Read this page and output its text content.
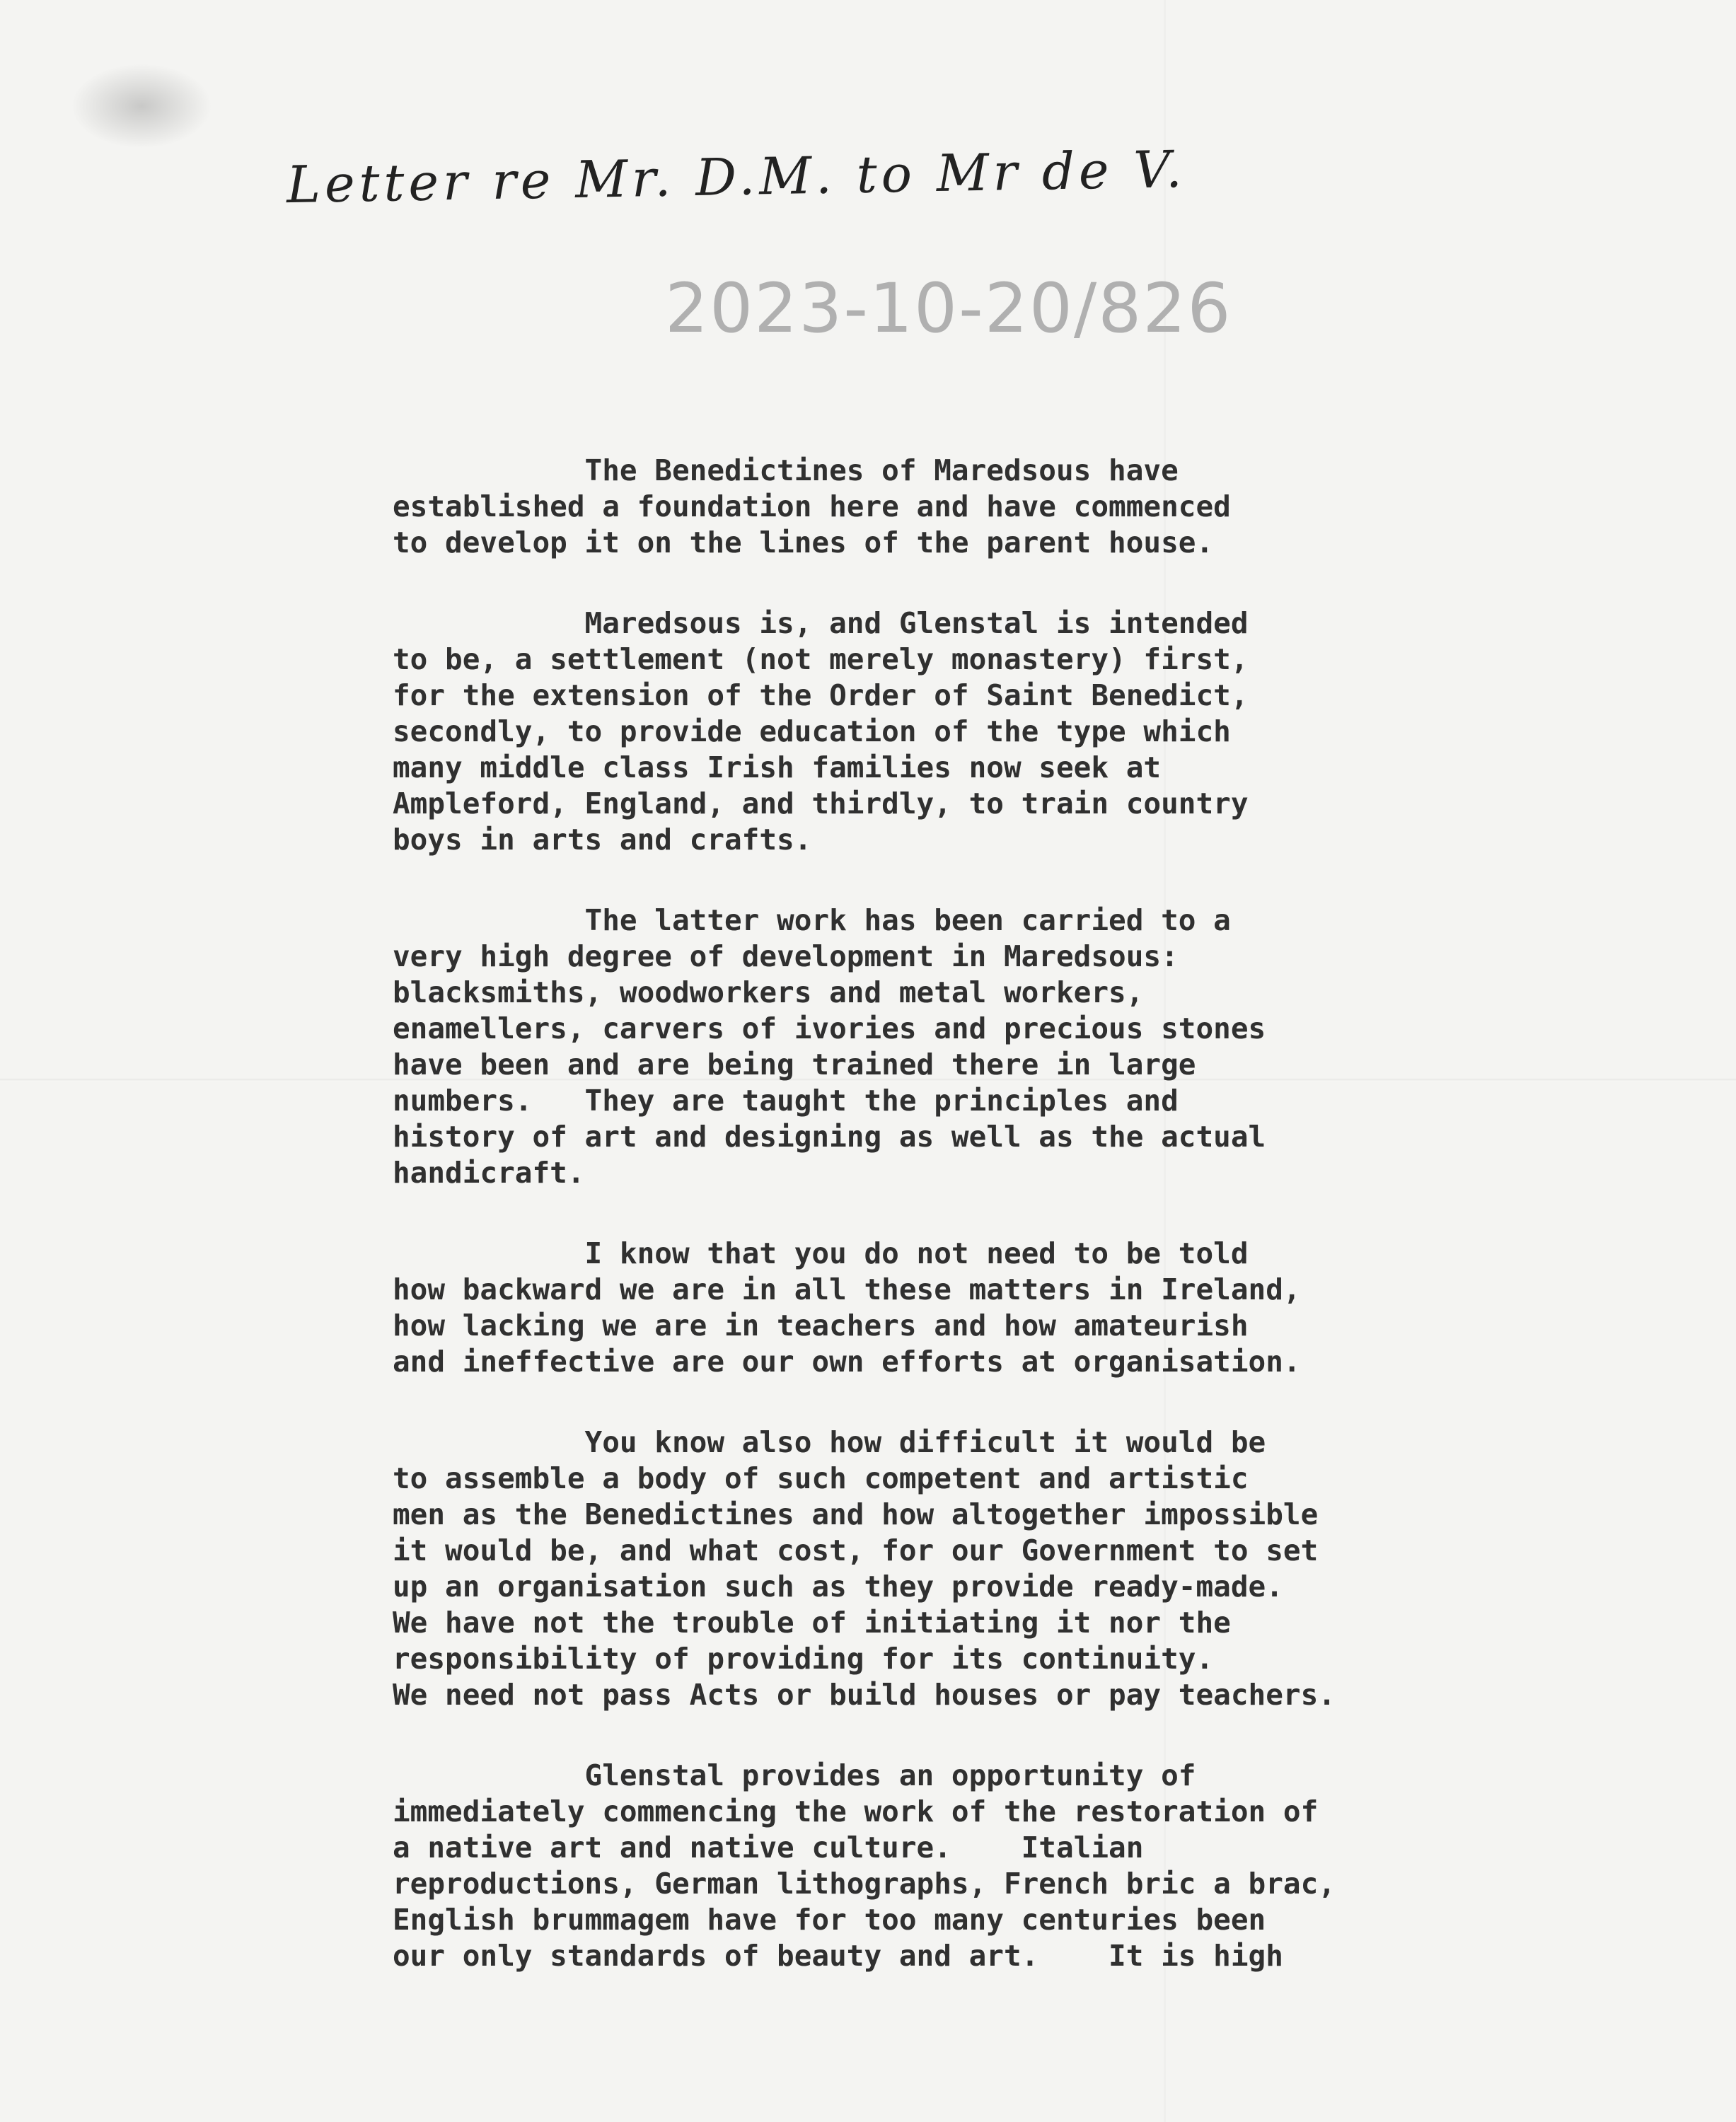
Letter re Mr. D.M. to Mr de V.
2023-10-20/826

The Benedictines of Maredsous have
established a foundation here and have commenced
to develop it on the lines of the parent house.

Maredsous is, and Glenstal is intended
to be, a settlement (not merely monastery) first,
for the extension of the Order of Saint Benedict,
secondly, to provide education of the type which
many middle class Irish families now seek at
Ampleford, England, and thirdly, to train country
boys in arts and crafts.

The latter work has been carried to a
very high degree of development in Maredsous:
blacksmiths, woodworkers and metal workers,
enamellers, carvers of ivories and precious stones
have been and are being trained there in large
numbers.   They are taught the principles and
history of art and designing as well as the actual
handicraft.

I know that you do not need to be told
how backward we are in all these matters in Ireland,
how lacking we are in teachers and how amateurish
and ineffective are our own efforts at organisation.

You know also how difficult it would be
to assemble a body of such competent and artistic
men as the Benedictines and how altogether impossible
it would be, and what cost, for our Government to set
up an organisation such as they provide ready-made.
We have not the trouble of initiating it nor the
responsibility of providing for its continuity.
We need not pass Acts or build houses or pay teachers.

Glenstal provides an opportunity of
immediately commencing the work of the restoration of
a native art and native culture.    Italian
reproductions, German lithographs, French bric a brac,
English brummagem have for too many centuries been
our only standards of beauty and art.    It is high
